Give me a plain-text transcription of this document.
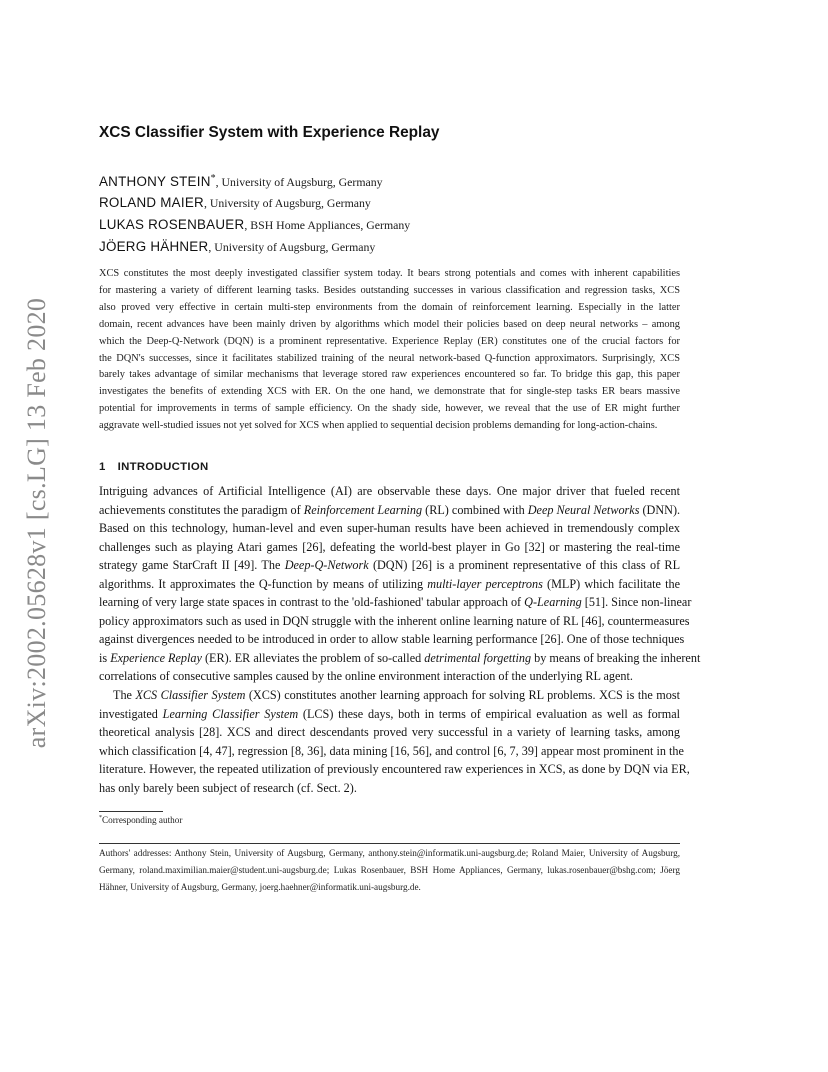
arXiv:2002.05628v1 [cs.LG] 13 Feb 2020
XCS Classifier System with Experience Replay
ANTHONY STEIN*, University of Augsburg, Germany
ROLAND MAIER, University of Augsburg, Germany
LUKAS ROSENBAUER, BSH Home Appliances, Germany
JÖERG HÄHNER, University of Augsburg, Germany
XCS constitutes the most deeply investigated classifier system today. It bears strong potentials and comes with inherent capabilities
for mastering a variety of different learning tasks. Besides outstanding successes in various classification and regression tasks, XCS
also proved very effective in certain multi-step environments from the domain of reinforcement learning. Especially in the latter
domain, recent advances have been mainly driven by algorithms which model their policies based on deep neural networks – among
which the Deep-Q-Network (DQN) is a prominent representative. Experience Replay (ER) constitutes one of the crucial factors for
the DQN's successes, since it facilitates stabilized training of the neural network-based Q-function approximators. Surprisingly, XCS
barely takes advantage of similar mechanisms that leverage stored raw experiences encountered so far. To bridge this gap, this paper
investigates the benefits of extending XCS with ER. On the one hand, we demonstrate that for single-step tasks ER bears massive
potential for improvements in terms of sample efficiency. On the shady side, however, we reveal that the use of ER might further
aggravate well-studied issues not yet solved for XCS when applied to sequential decision problems demanding for long-action-chains.
1 INTRODUCTION
Intriguing advances of Artificial Intelligence (AI) are observable these days. One major driver that fueled recent
achievements constitutes the paradigm of Reinforcement Learning (RL) combined with Deep Neural Networks (DNN).
Based on this technology, human-level and even super-human results have been achieved in tremendously complex
challenges such as playing Atari games [26], defeating the world-best player in Go [32] or mastering the real-time
strategy game StarCraft II [49]. The Deep-Q-Network (DQN) [26] is a prominent representative of this class of RL
algorithms. It approximates the Q-function by means of utilizing multi-layer perceptrons (MLP) which facilitate the
learning of very large state spaces in contrast to the 'old-fashioned' tabular approach of Q-Learning [51]. Since non-linear
policy approximators such as used in DQN struggle with the inherent online learning nature of RL [46], countermeasures
against divergences needed to be introduced in order to allow stable learning performance [26]. One of those techniques
is Experience Replay (ER). ER alleviates the problem of so-called detrimental forgetting by means of breaking the inherent
correlations of consecutive samples caused by the online environment interaction of the underlying RL agent.
The XCS Classifier System (XCS) constitutes another learning approach for solving RL problems. XCS is the most
investigated Learning Classifier System (LCS) these days, both in terms of empirical evaluation as well as formal
theoretical analysis [28]. XCS and direct descendants proved very successful in a variety of learning tasks, among
which classification [4, 47], regression [8, 36], data mining [16, 56], and control [6, 7, 39] appear most prominent in the
literature. However, the repeated utilization of previously encountered raw experiences in XCS, as done by DQN via ER,
has only barely been subject of research (cf. Sect. 2).
*Corresponding author
Authors' addresses: Anthony Stein, University of Augsburg, Germany, anthony.stein@informatik.uni-augsburg.de; Roland Maier, University of Augsburg,
Germany, roland.maximilian.maier@student.uni-augsburg.de; Lukas Rosenbauer, BSH Home Appliances, Germany, lukas.rosenbauer@bshg.com; Jöerg
Hähner, University of Augsburg, Germany, joerg.haehner@informatik.uni-augsburg.de.
